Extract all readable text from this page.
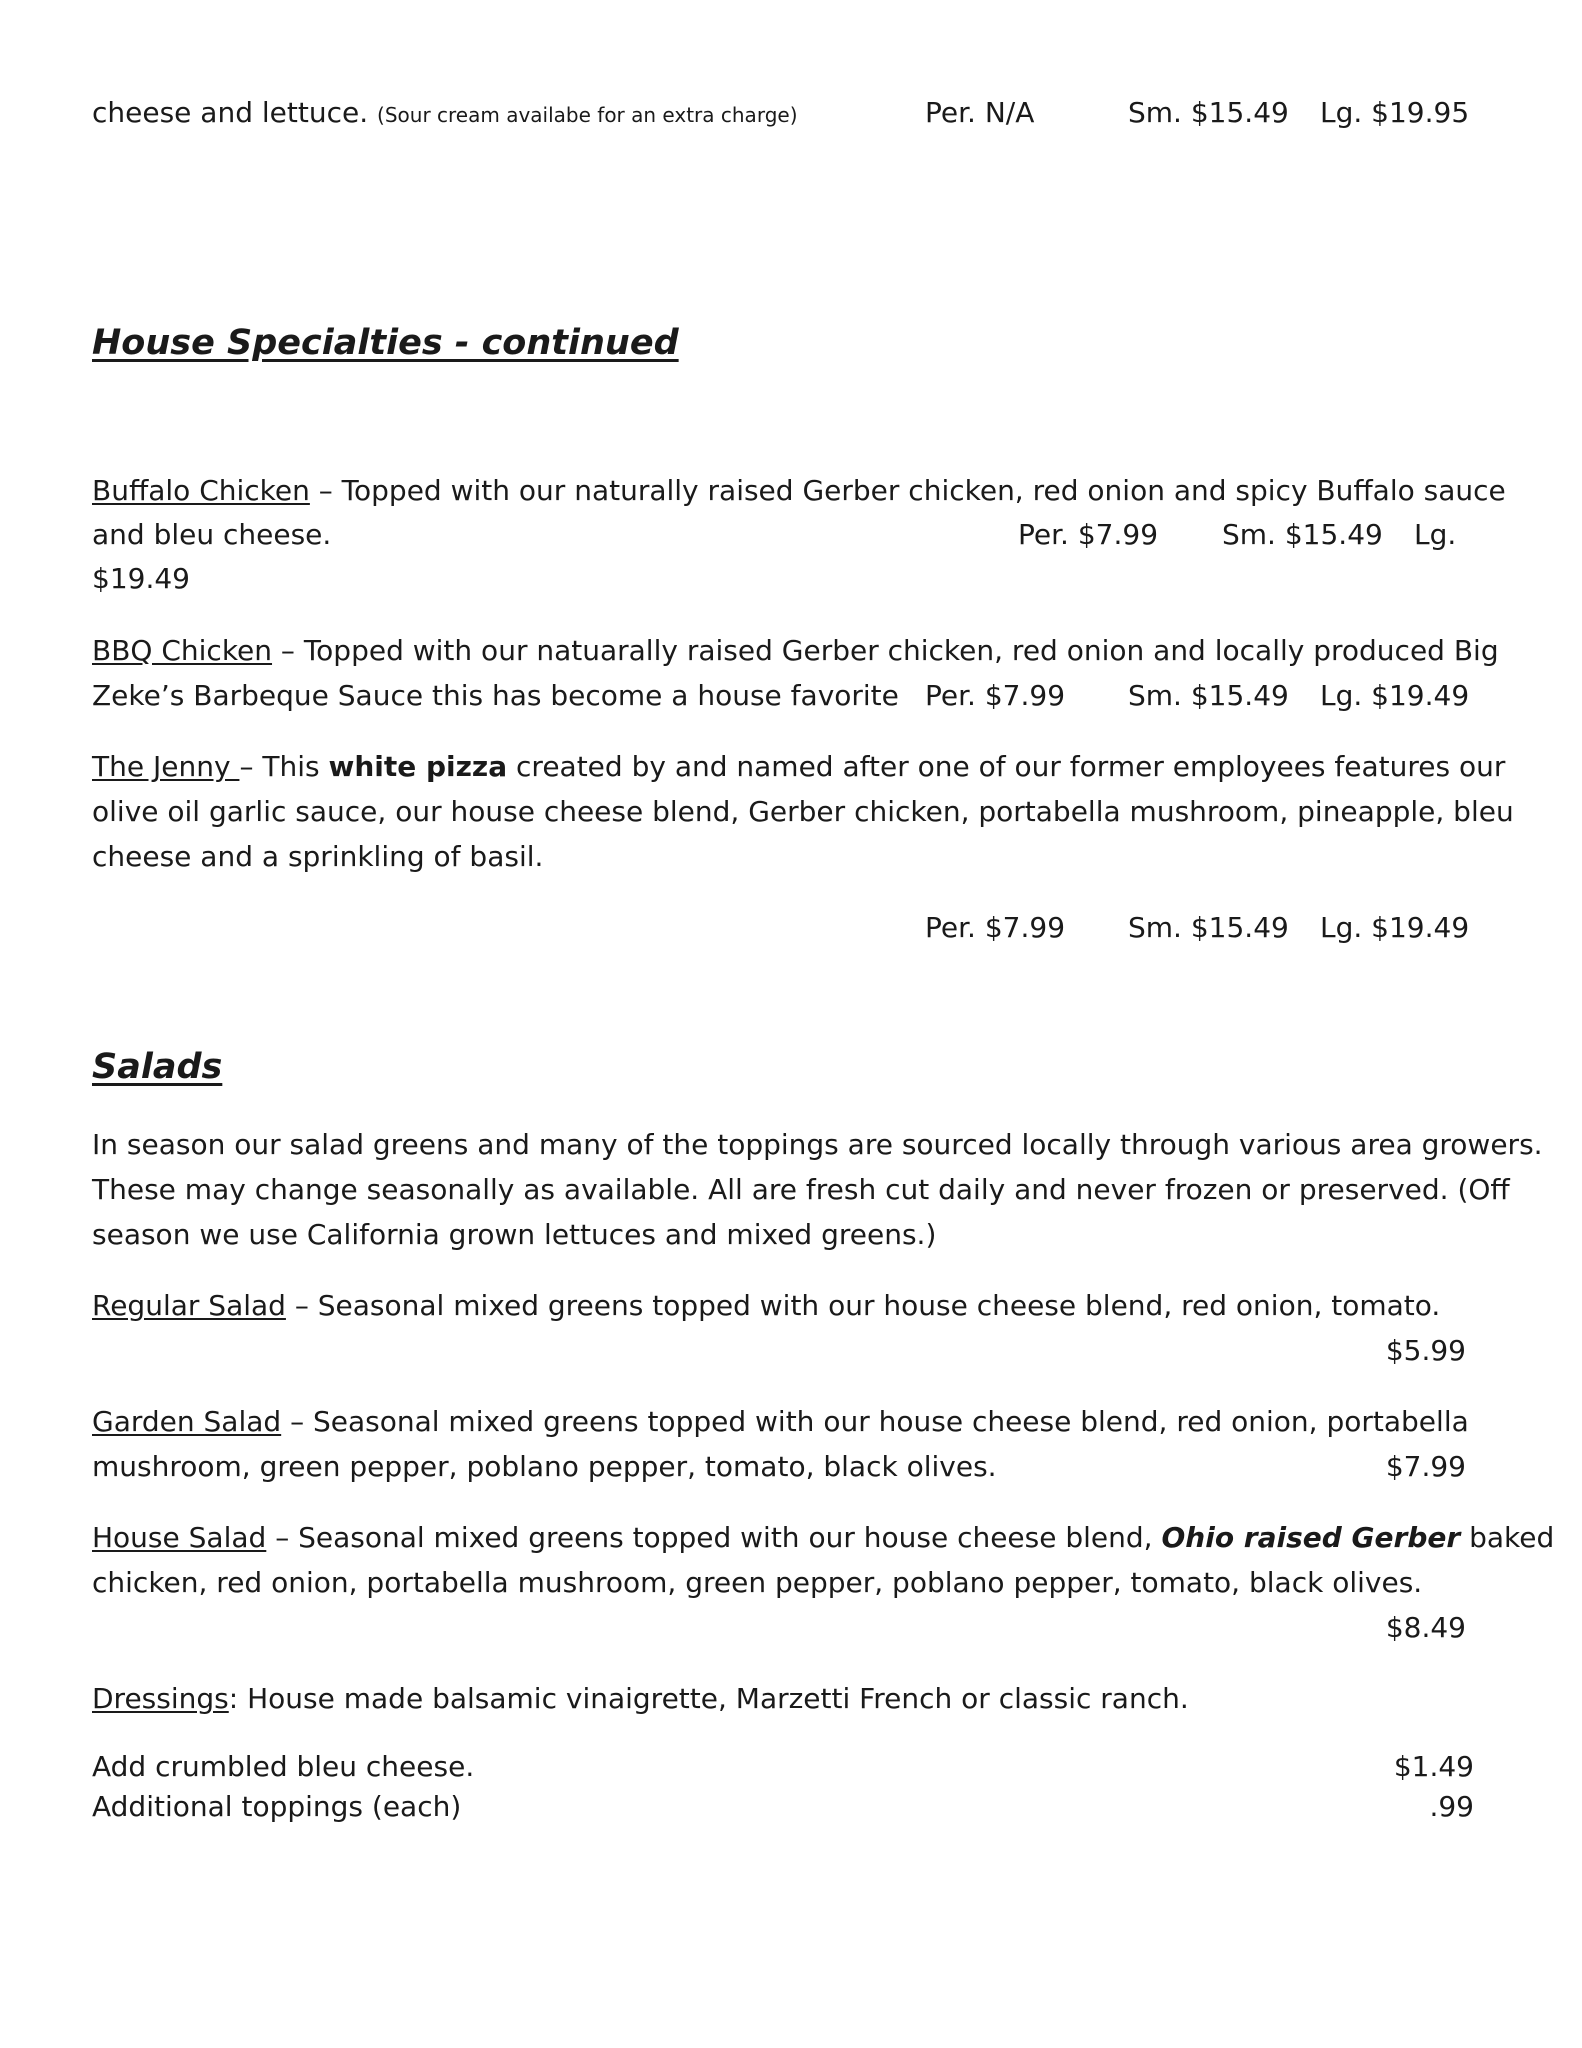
cheese and lettuce. (Sour cream availabe for an extra charge)	Per. N/A	Sm. $15.49 Lg. $19.95
House Specialties - continued
Buffalo Chicken – Topped with our naturally raised Gerber chicken, red onion and spicy Buffalo sauce
and bleu cheese.	Per. $7.99 Sm. $15.49 Lg.
$19.49
BBQ Chicken – Topped with our natuarally raised Gerber chicken, red onion and locally produced Big
Zeke’s Barbeque Sauce this has become a house favorite Per. $7.99 Sm. $15.49 Lg. $19.49
The Jenny – This white pizza created by and named after one of our former employees features our
olive oil garlic sauce, our house cheese blend, Gerber chicken, portabella mushroom, pineapple, bleu
cheese and a sprinkling of basil.
Per. $7.99 Sm. $15.49 Lg. $19.49
Salads
In season our salad greens and many of the toppings are sourced locally through various area growers.
These may change seasonally as available. All are fresh cut daily and never frozen or preserved. (Off
season we use California grown lettuces and mixed greens.)
Regular Salad – Seasonal mixed greens topped with our house cheese blend, red onion, tomato.
$5.99
Garden Salad – Seasonal mixed greens topped with our house cheese blend, red onion, portabella
mushroom, green pepper, poblano pepper, tomato, black olives.	$7.99
House Salad – Seasonal mixed greens topped with our house cheese blend, Ohio raised Gerber baked
chicken, red onion, portabella mushroom, green pepper, poblano pepper, tomato, black olives.
$8.49
Dressings: House made balsamic vinaigrette, Marzetti French or classic ranch.
Add crumbled bleu cheese.	$1.49
Additional toppings (each)	.99
